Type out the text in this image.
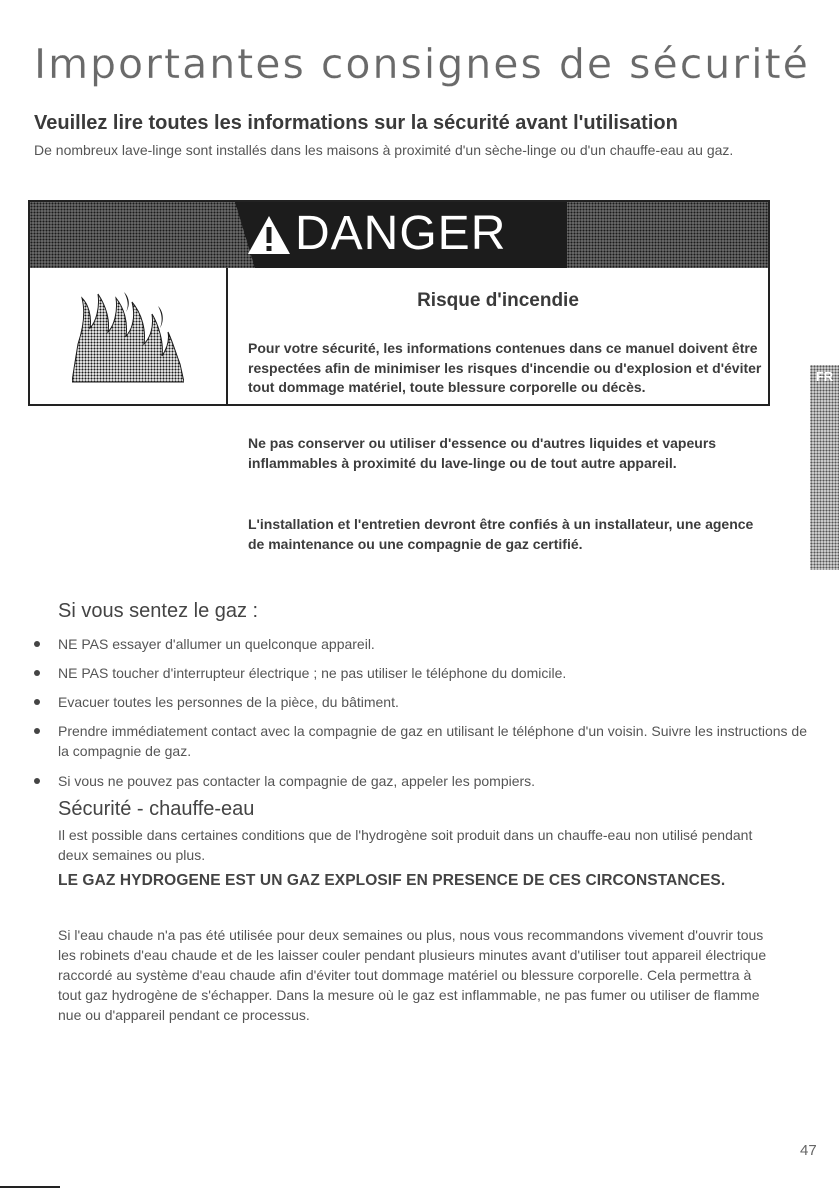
Importantes consignes de sécurité
Veuillez lire toutes les informations sur la sécurité avant l'utilisation
De nombreux lave-linge sont installés dans les maisons à proximité d'un sèche-linge ou d'un chauffe-eau au gaz.
DANGER
Risque d'incendie
Pour votre sécurité, les informations contenues dans ce manuel doivent être respectées afin de minimiser les risques d'incendie ou d'explosion et d'éviter tout dommage matériel, toute blessure corporelle ou décès.
Ne pas conserver ou utiliser d'essence ou d'autres liquides et vapeurs inflammables à proximité du lave-linge ou de tout autre appareil.
L'installation et l'entretien devront être confiés à un installateur, une agence de maintenance ou une compagnie de gaz certifié.
FR
Si vous sentez le gaz :
NE PAS essayer d'allumer un quelconque appareil.
NE PAS toucher d'interrupteur électrique ; ne pas utiliser le téléphone du domicile.
Evacuer toutes les personnes de la pièce, du bâtiment.
Prendre immédiatement contact avec la compagnie de gaz en utilisant le téléphone d'un voisin. Suivre les instructions de la compagnie de gaz.
Si vous ne pouvez pas contacter la compagnie de gaz, appeler les pompiers.
Sécurité - chauffe-eau
Il est possible dans certaines conditions que de l'hydrogène soit produit dans un chauffe-eau non utilisé pendant deux semaines ou plus.
LE GAZ HYDROGENE EST UN GAZ EXPLOSIF EN PRESENCE DE CES CIRCONSTANCES.
Si l'eau chaude n'a pas été utilisée pour deux semaines ou plus, nous vous recommandons vivement d'ouvrir tous les robinets d'eau chaude et de les laisser couler pendant plusieurs minutes avant d'utiliser tout appareil électrique raccordé au système d'eau chaude afin d'éviter tout dommage matériel ou blessure corporelle. Cela permettra à tout gaz hydrogène de s'échapper. Dans la mesure où le gaz est inflammable, ne pas fumer ou utiliser de flamme nue ou d'appareil pendant ce processus.
47
